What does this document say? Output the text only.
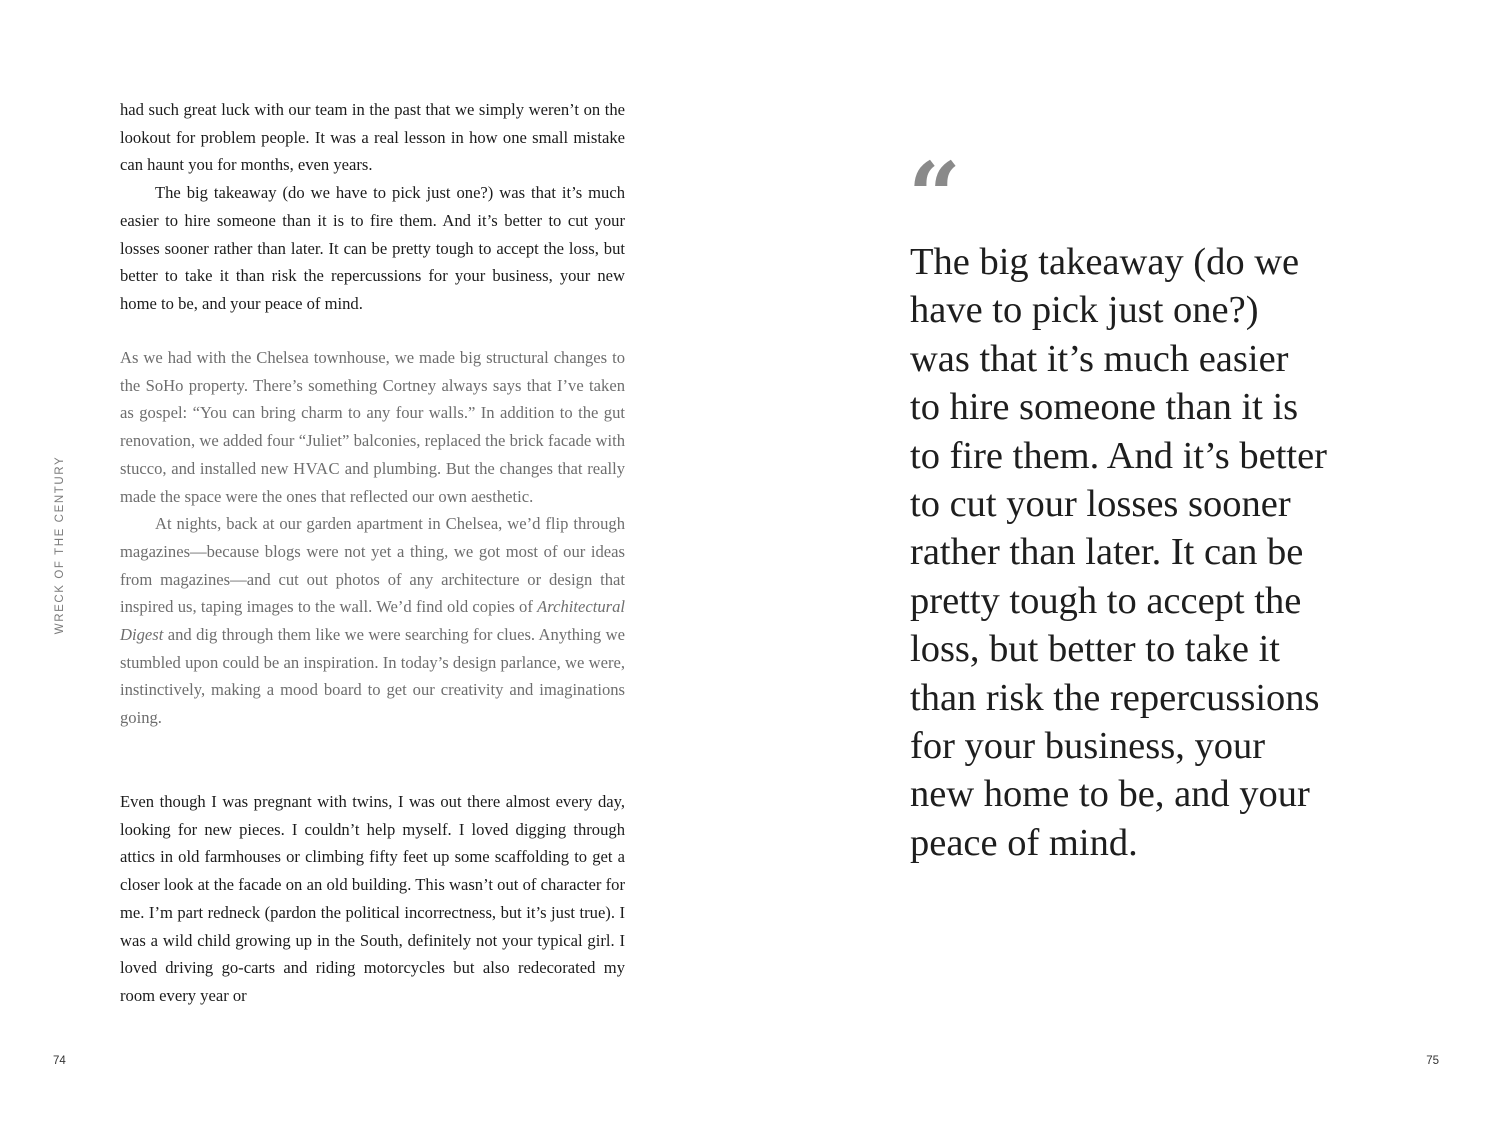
WRECK OF THE CENTURY

had such great luck with our team in the past that we simply weren’t on the lookout for problem people. It was a real lesson in how one small mistake can haunt you for months, even years.

The big takeaway (do we have to pick just one?) was that it’s much easier to hire someone than it is to fire them. And it’s better to cut your losses sooner rather than later. It can be pretty tough to accept the loss, but better to take it than risk the repercussions for your business, your new home to be, and your peace of mind.

As we had with the Chelsea townhouse, we made big structural changes to the SoHo property. There’s something Cortney always says that I’ve taken as gospel: “You can bring charm to any four walls.” In addition to the gut renovation, we added four “Juliet” balconies, replaced the brick facade with stucco, and installed new HVAC and plumbing. But the changes that really made the space were the ones that reflected our own aesthetic.

At nights, back at our garden apartment in Chelsea, we’d flip through magazines—because blogs were not yet a thing, we got most of our ideas from magazines—and cut out photos of any architecture or design that inspired us, taping images to the wall. We’d find old copies of Architectural Digest and dig through them like we were searching for clues. Anything we stumbled upon could be an inspiration. In today’s design parlance, we were, instinctively, making a mood board to get our creativity and imaginations going.

Even though I was pregnant with twins, I was out there almost every day, looking for new pieces. I couldn’t help myself. I loved digging through attics in old farmhouses or climbing fifty feet up some scaffolding to get a closer look at the facade on an old building. This wasn’t out of character for me. I’m part redneck (pardon the political incorrectness, but it’s just true). I was a wild child growing up in the South, definitely not your typical girl. I loved driving go-carts and riding motorcycles but also redecorated my room every year or

74
“
The big takeaway (do we
have to pick just one?)
was that it’s much easier
to hire someone than it is
to fire them. And it’s better
to cut your losses sooner
rather than later. It can be
pretty tough to accept the
loss, but better to take it
than risk the repercussions
for your business, your
new home to be, and your
peace of mind.
75
